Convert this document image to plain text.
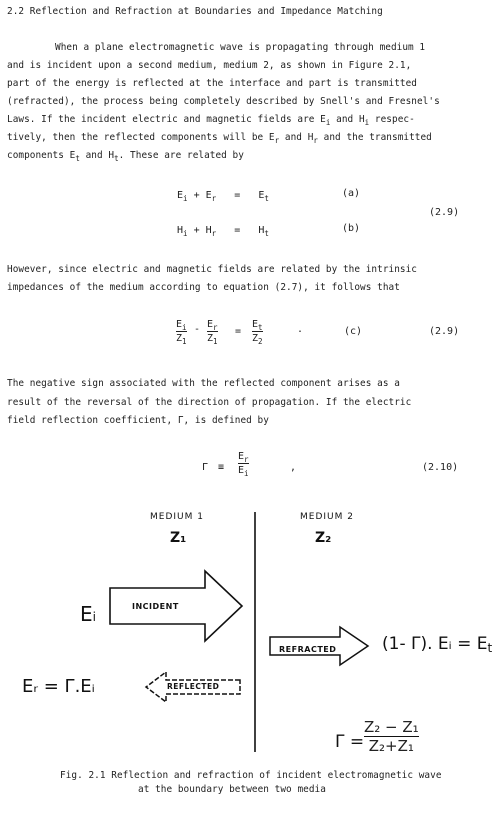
2.2 Reflection and Refraction at Boundaries and Impedance Matching
When a plane electromagnetic wave is propagating through medium 1
and is incident upon a second medium, medium 2, as shown in Figure 2.1,
part of the energy is reflected at the interface and part is transmitted
(refracted), the process being completely described by Snell's and Fresnel's
Laws. If the incident electric and magnetic fields are $E_i$ and $H_i$ respec-
tively, then the reflected components will be $E_r$ and $H_r$ and the transmitted
components $E_t$ and $H_t$. These are related by
$E_i + E_r = E_t$	(a)
$H_i + H_r = H_t$	(b)
(2.9)
However, since electric and magnetic fields are related by the intrinsic
impedances of the medium according to equation (2.7), it follows that
$E_i$
$Z_1$
- $E_r$
$Z_1$
=
$E_t$
$Z_2$
.	(c)	(2.9)
The negative sign associated with the reflected component arises as a
result of the reversal of the direction of propagation. If the electric
field reflection coefficient, Γ, is defined by
Γ ≡
$E_r$
$E_i$
,	(2.10)
MEDIUM 1	MEDIUM 2
Z₁	Z₂
Ei
INCIDENT
REFRACTED	(1- Γ). Eᵢ = Et
REFLECTED
Eᵣ = Γ.Eᵢ
Γ =
Z₂ − Z₁
Z₂+Z₁
Fig. 2.1 Reflection and refraction of incident electromagnetic wave
at the boundary between two media
